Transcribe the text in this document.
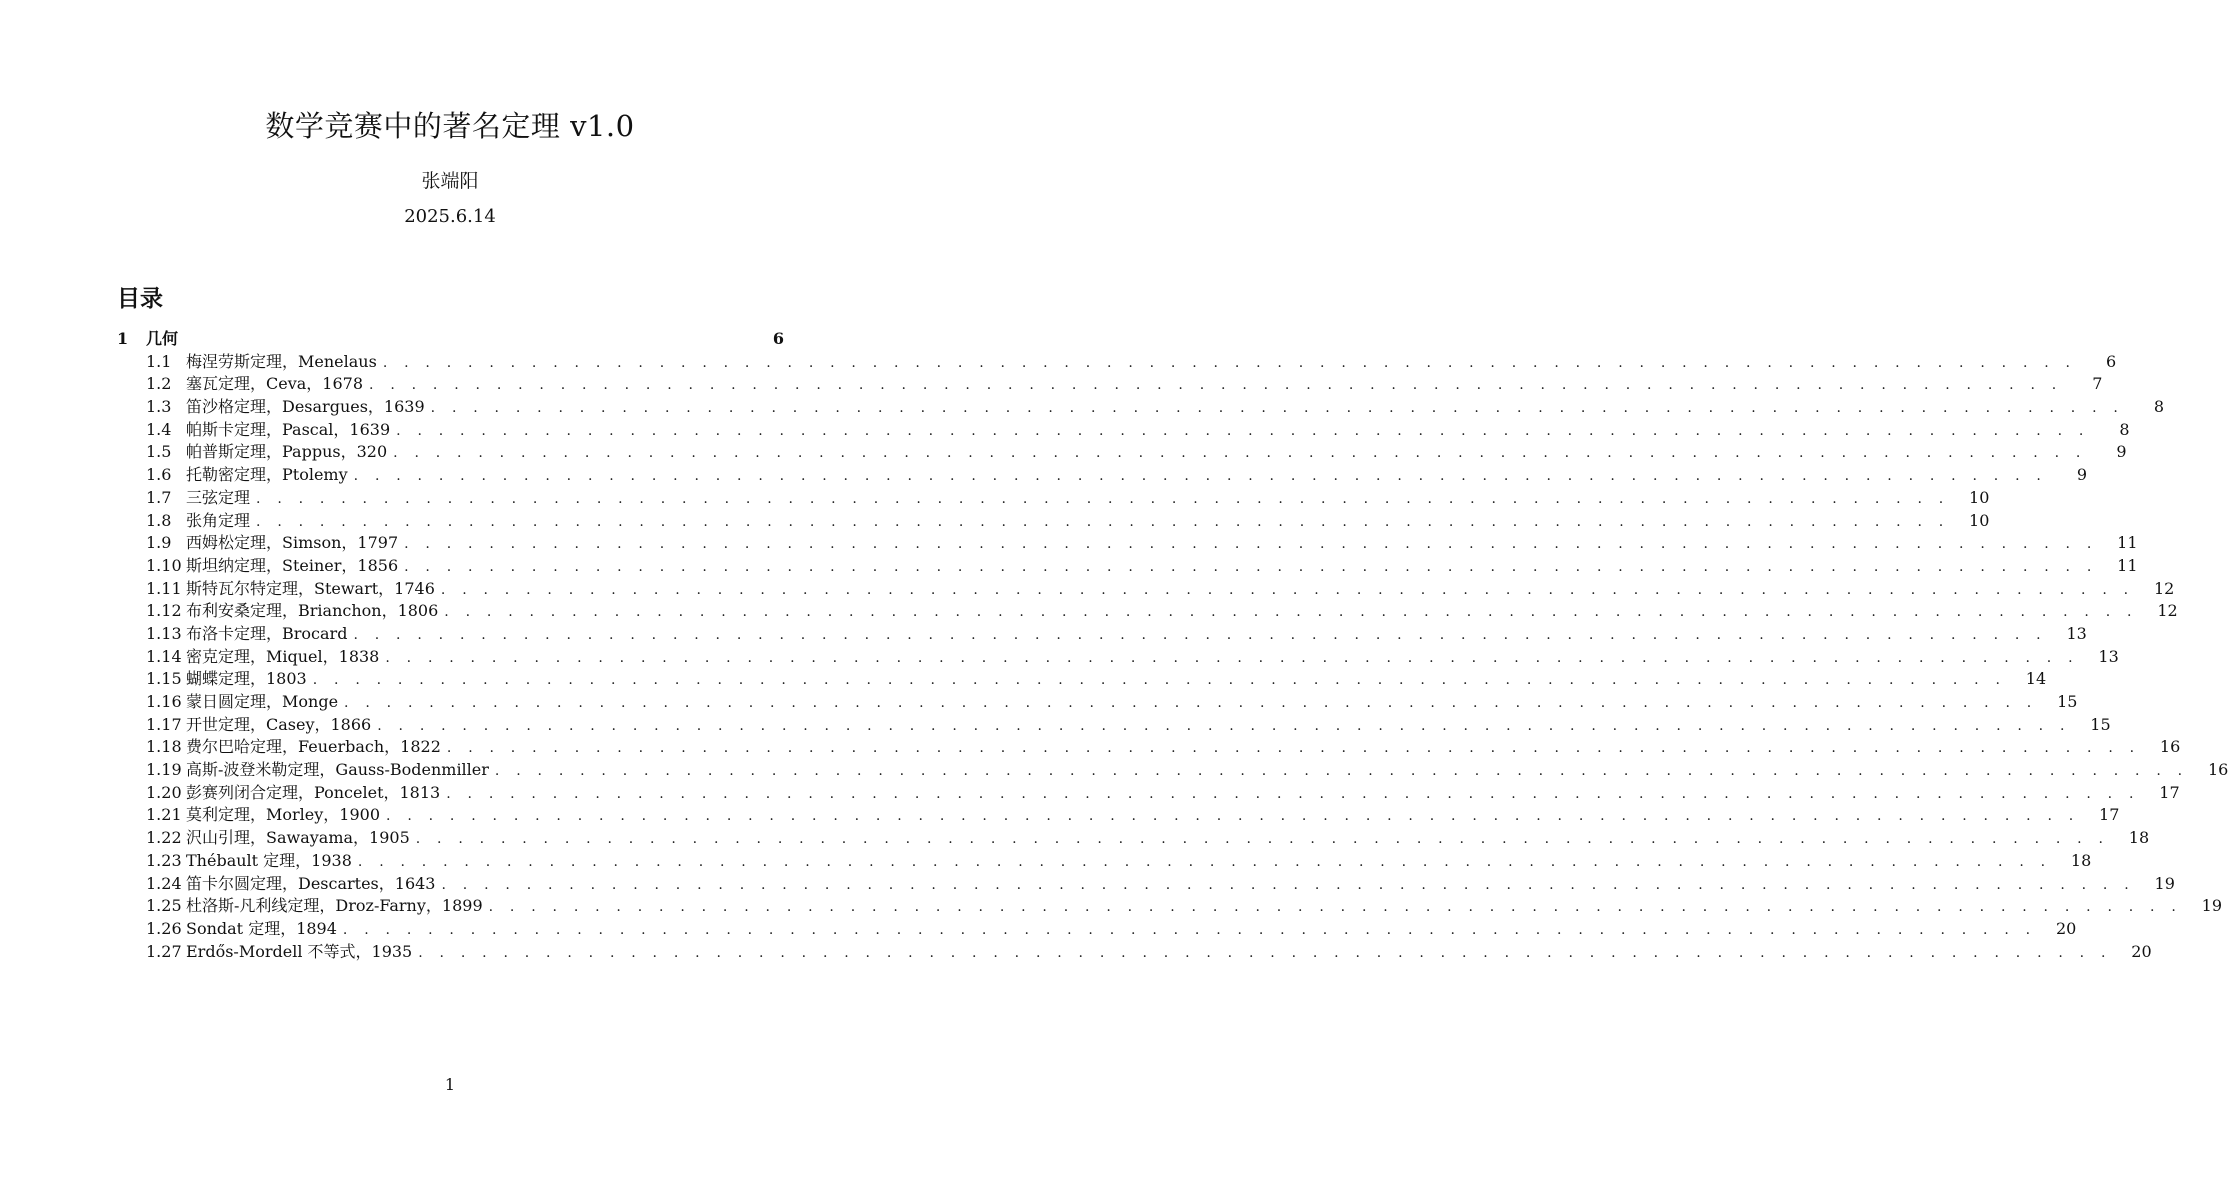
数学竞赛中的著名定理 v1.0
张端阳
2025.6.14
目录
1	几何	6
1.1 梅涅劳斯定理，Menelaus . . . . . . . . . . . . . . . . . . . . . . . . . . . . . . . . . . . . . . . . . . . . . . . . . . . . . . . . . . . . . . . . . . . . . . . . . . . . . . . .	6
1.2 塞瓦定理，Ceva，1678 . . . . . . . . . . . . . . . . . . . . . . . . . . . . . . . . . . . . . . . . . . . . . . . . . . . . . . . . . . . . . . . . . . . . . . . . . . . . . . . .	7
1.3 笛沙格定理，Desargues，1639 . . . . . . . . . . . . . . . . . . . . . . . . . . . . . . . . . . . . . . . . . . . . . . . . . . . . . . . . . . . . . . . . . . . . . . . . . . . . . . . .	8
1.4 帕斯卡定理，Pascal，1639 . . . . . . . . . . . . . . . . . . . . . . . . . . . . . . . . . . . . . . . . . . . . . . . . . . . . . . . . . . . . . . . . . . . . . . . . . . . . . . . .	8
1.5 帕普斯定理，Pappus，320 . . . . . . . . . . . . . . . . . . . . . . . . . . . . . . . . . . . . . . . . . . . . . . . . . . . . . . . . . . . . . . . . . . . . . . . . . . . . . . . .	9
1.6 托勒密定理，Ptolemy . . . . . . . . . . . . . . . . . . . . . . . . . . . . . . . . . . . . . . . . . . . . . . . . . . . . . . . . . . . . . . . . . . . . . . . . . . . . . . . .	9
1.7 三弦定理 . . . . . . . . . . . . . . . . . . . . . . . . . . . . . . . . . . . . . . . . . . . . . . . . . . . . . . . . . . . . . . . . . . . . . . . . . . . . . . . .	10
1.8 张角定理 . . . . . . . . . . . . . . . . . . . . . . . . . . . . . . . . . . . . . . . . . . . . . . . . . . . . . . . . . . . . . . . . . . . . . . . . . . . . . . . .	10
1.9 西姆松定理，Simson，1797 . . . . . . . . . . . . . . . . . . . . . . . . . . . . . . . . . . . . . . . . . . . . . . . . . . . . . . . . . . . . . . . . . . . . . . . . . . . . . . . .	11
1.10 斯坦纳定理，Steiner，1856 . . . . . . . . . . . . . . . . . . . . . . . . . . . . . . . . . . . . . . . . . . . . . . . . . . . . . . . . . . . . . . . . . . . . . . . . . . . . . . . .	11
1.11 斯特瓦尔特定理，Stewart，1746 . . . . . . . . . . . . . . . . . . . . . . . . . . . . . . . . . . . . . . . . . . . . . . . . . . . . . . . . . . . . . . . . . . . . . . . . . . . . . . . .	12
1.12 布利安桑定理，Brianchon，1806 . . . . . . . . . . . . . . . . . . . . . . . . . . . . . . . . . . . . . . . . . . . . . . . . . . . . . . . . . . . . . . . . . . . . . . . . . . . . . . . .	12
1.13 布洛卡定理，Brocard . . . . . . . . . . . . . . . . . . . . . . . . . . . . . . . . . . . . . . . . . . . . . . . . . . . . . . . . . . . . . . . . . . . . . . . . . . . . . . . .	13
1.14 密克定理，Miquel，1838 . . . . . . . . . . . . . . . . . . . . . . . . . . . . . . . . . . . . . . . . . . . . . . . . . . . . . . . . . . . . . . . . . . . . . . . . . . . . . . . .	13
1.15 蝴蝶定理，1803 . . . . . . . . . . . . . . . . . . . . . . . . . . . . . . . . . . . . . . . . . . . . . . . . . . . . . . . . . . . . . . . . . . . . . . . . . . . . . . . .	14
1.16 蒙日圆定理，Monge . . . . . . . . . . . . . . . . . . . . . . . . . . . . . . . . . . . . . . . . . . . . . . . . . . . . . . . . . . . . . . . . . . . . . . . . . . . . . . . .	15
1.17 开世定理，Casey，1866 . . . . . . . . . . . . . . . . . . . . . . . . . . . . . . . . . . . . . . . . . . . . . . . . . . . . . . . . . . . . . . . . . . . . . . . . . . . . . . . .	15
1.18 费尔巴哈定理，Feuerbach，1822 . . . . . . . . . . . . . . . . . . . . . . . . . . . . . . . . . . . . . . . . . . . . . . . . . . . . . . . . . . . . . . . . . . . . . . . . . . . . . . . .	16
1.19 高斯-波登米勒定理，Gauss-Bodenmiller . . . . . . . . . . . . . . . . . . . . . . . . . . . . . . . . . . . . . . . . . . . . . . . . . . . . . . . . . . . . . . . . . . . . . . . . . . . . . . . .	16
1.20 彭赛列闭合定理，Poncelet，1813 . . . . . . . . . . . . . . . . . . . . . . . . . . . . . . . . . . . . . . . . . . . . . . . . . . . . . . . . . . . . . . . . . . . . . . . . . . . . . . . .	17
1.21 莫利定理，Morley，1900 . . . . . . . . . . . . . . . . . . . . . . . . . . . . . . . . . . . . . . . . . . . . . . . . . . . . . . . . . . . . . . . . . . . . . . . . . . . . . . . .	17
1.22 沢山引理，Sawayama，1905 . . . . . . . . . . . . . . . . . . . . . . . . . . . . . . . . . . . . . . . . . . . . . . . . . . . . . . . . . . . . . . . . . . . . . . . . . . . . . . . .	18
1.23 Thébault 定理，1938 . . . . . . . . . . . . . . . . . . . . . . . . . . . . . . . . . . . . . . . . . . . . . . . . . . . . . . . . . . . . . . . . . . . . . . . . . . . . . . . .	18
1.24 笛卡尔圆定理，Descartes，1643 . . . . . . . . . . . . . . . . . . . . . . . . . . . . . . . . . . . . . . . . . . . . . . . . . . . . . . . . . . . . . . . . . . . . . . . . . . . . . . . .	19
1.25 杜洛斯-凡利线定理，Droz-Farny，1899 . . . . . . . . . . . . . . . . . . . . . . . . . . . . . . . . . . . . . . . . . . . . . . . . . . . . . . . . . . . . . . . . . . . . . . . . . . . . . . . .	19
1.26 Sondat 定理，1894 . . . . . . . . . . . . . . . . . . . . . . . . . . . . . . . . . . . . . . . . . . . . . . . . . . . . . . . . . . . . . . . . . . . . . . . . . . . . . . . .	20
1.27 Erdős-Mordell 不等式，1935 . . . . . . . . . . . . . . . . . . . . . . . . . . . . . . . . . . . . . . . . . . . . . . . . . . . . . . . . . . . . . . . . . . . . . . . . . . . . . . . .	20
1
